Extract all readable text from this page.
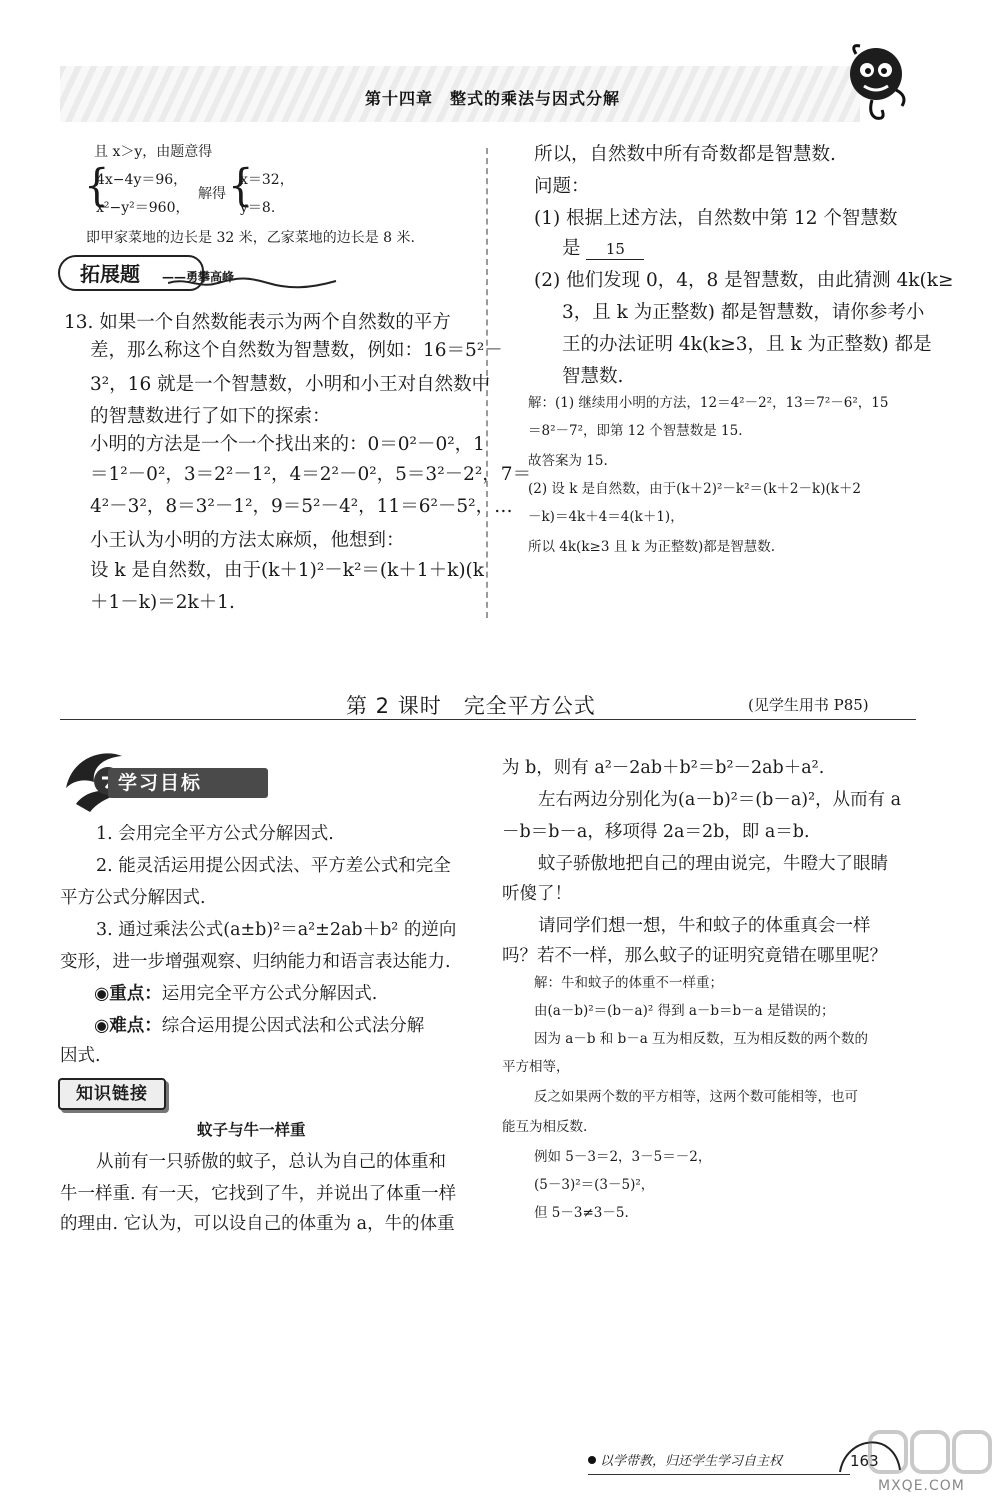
第十四章　整式的乘法与因式分解
且 x＞y，由题意得
{
4x−4y＝96，
x²−y²＝960，
解得 {
x＝32，
y＝8.
即甲家菜地的边长是 32 米，乙家菜地的边长是 8 米.
拓展题 ——勇攀高峰
13. 如果一个自然数能表示为两个自然数的平方
差，那么称这个自然数为智慧数，例如：16＝5²－
3²，16 就是一个智慧数，小明和小王对自然数中
的智慧数进行了如下的探索：
小明的方法是一个一个找出来的：0＝0²－0²，1
＝1²－0²，3＝2²－1²，4＝2²－0²，5＝3²－2²，7＝
4²－3²，8＝3²－1²，9＝5²－4²，11＝6²－5²，…
小王认为小明的方法太麻烦，他想到：
设 k 是自然数，由于(k＋1)²－k²＝(k＋1＋k)(k
＋1－k)＝2k＋1.
所以，自然数中所有奇数都是智慧数.
问题：
(1) 根据上述方法，自然数中第 12 个智慧数
是 15
(2) 他们发现 0，4，8 是智慧数，由此猜测 4k(k≥
3，且 k 为正整数) 都是智慧数，请你参考小
王的办法证明 4k(k≥3，且 k 为正整数) 都是
智慧数.
解：(1) 继续用小明的方法，12＝4²－2²，13＝7²－6²，15
＝8²－7²，即第 12 个智慧数是 15.
故答案为 15.
(2) 设 k 是自然数，由于(k＋2)²－k²＝(k＋2－k)(k＋2
－k)＝4k＋4＝4(k＋1)，
所以 4k(k≥3 且 k 为正整数)都是智慧数.
第 2 课时　完全平方公式	(见学生用书 P85)
学习目标
1. 会用完全平方公式分解因式.
2. 能灵活运用提公因式法、平方差公式和完全
平方公式分解因式.
3. 通过乘法公式(a±b)²＝a²±2ab＋b² 的逆向
变形，进一步增强观察、归纳能力和语言表达能力.
◉重点：运用完全平方公式分解因式.
◉难点：综合运用提公因式法和公式法分解
因式.
知识链接
蚊子与牛一样重
从前有一只骄傲的蚊子，总认为自己的体重和
牛一样重. 有一天，它找到了牛，并说出了体重一样
的理由. 它认为，可以设自己的体重为 a，牛的体重
为 b，则有 a²－2ab＋b²＝b²－2ab＋a².
左右两边分别化为(a－b)²＝(b－a)²，从而有 a
－b＝b－a，移项得 2a＝2b，即 a＝b.
蚊子骄傲地把自己的理由说完，牛瞪大了眼睛
听傻了！
请同学们想一想，牛和蚊子的体重真会一样
吗？若不一样，那么蚊子的证明究竟错在哪里呢？
解：牛和蚊子的体重不一样重；
由(a－b)²＝(b－a)² 得到 a－b＝b－a 是错误的；
因为 a－b 和 b－a 互为相反数，互为相反数的两个数的
平方相等，
反之如果两个数的平方相等，这两个数可能相等，也可
能互为相反数.
例如 5－3＝2，3－5＝－2，
(5－3)²＝(3－5)²，
但 5－3≠3－5.
以学带教，归还学生学习自主权	163
MXQE.COM
